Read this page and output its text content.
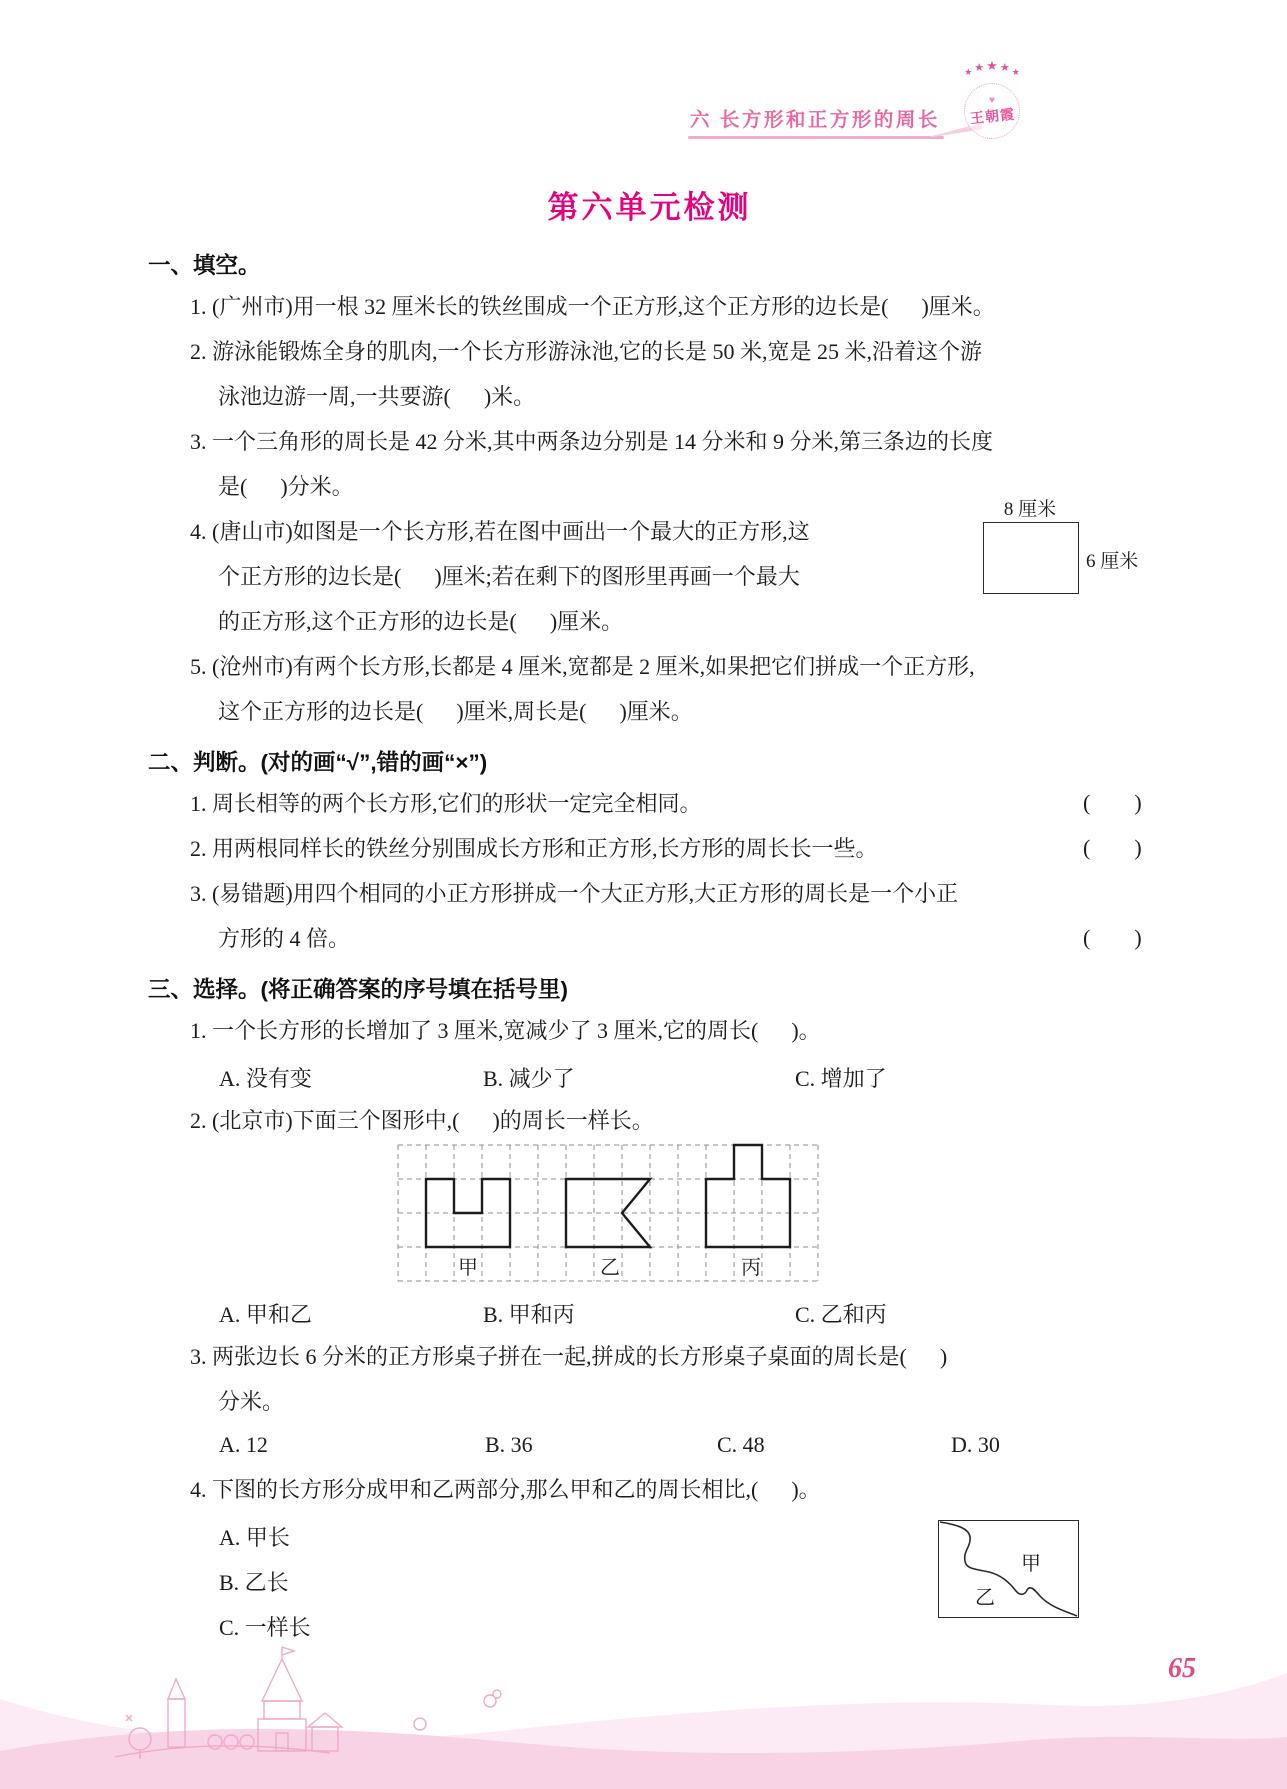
六 长方形和正方形的周长
★ ★ ★ ★ ★
♥
王朝霞
第六单元检测
一、填空。
1. (广州市)用一根 32 厘米长的铁丝围成一个正方形,这个正方形的边长是(      )厘米。
2. 游泳能锻炼全身的肌肉,一个长方形游泳池,它的长是 50 米,宽是 25 米,沿着这个游
泳池边游一周,一共要游(      )米。
3. 一个三角形的周长是 42 分米,其中两条边分别是 14 分米和 9 分米,第三条边的长度
是(      )分米。
4. (唐山市)如图是一个长方形,若在图中画出一个最大的正方形,这
个正方形的边长是(      )厘米;若在剩下的图形里再画一个最大
的正方形,这个正方形的边长是(      )厘米。
5. (沧州市)有两个长方形,长都是 4 厘米,宽都是 2 厘米,如果把它们拼成一个正方形,
这个正方形的边长是(      )厘米,周长是(      )厘米。
8 厘米
6 厘米
二、判断。(对的画“√”,错的画“×”)
1. 周长相等的两个长方形,它们的形状一定完全相同。	(        )
2. 用两根同样长的铁丝分别围成长方形和正方形,长方形的周长长一些。	(        )
3. (易错题)用四个相同的小正方形拼成一个大正方形,大正方形的周长是一个小正
方形的 4 倍。	(        )
三、选择。(将正确答案的序号填在括号里)
1. 一个长方形的长增加了 3 厘米,宽减少了 3 厘米,它的周长(      )。
A. 没有变	B. 减少了	C. 增加了
2. (北京市)下面三个图形中,(      )的周长一样长。
甲	乙	丙
A. 甲和乙	B. 甲和丙	C. 乙和丙
3. 两张边长 6 分米的正方形桌子拼在一起,拼成的长方形桌子桌面的周长是(      )
分米。
A. 12	B. 36	C. 48	D. 30
4. 下图的长方形分成甲和乙两部分,那么甲和乙的周长相比,(      )。
A. 甲长
B. 乙长
C. 一样长
甲
乙
65
